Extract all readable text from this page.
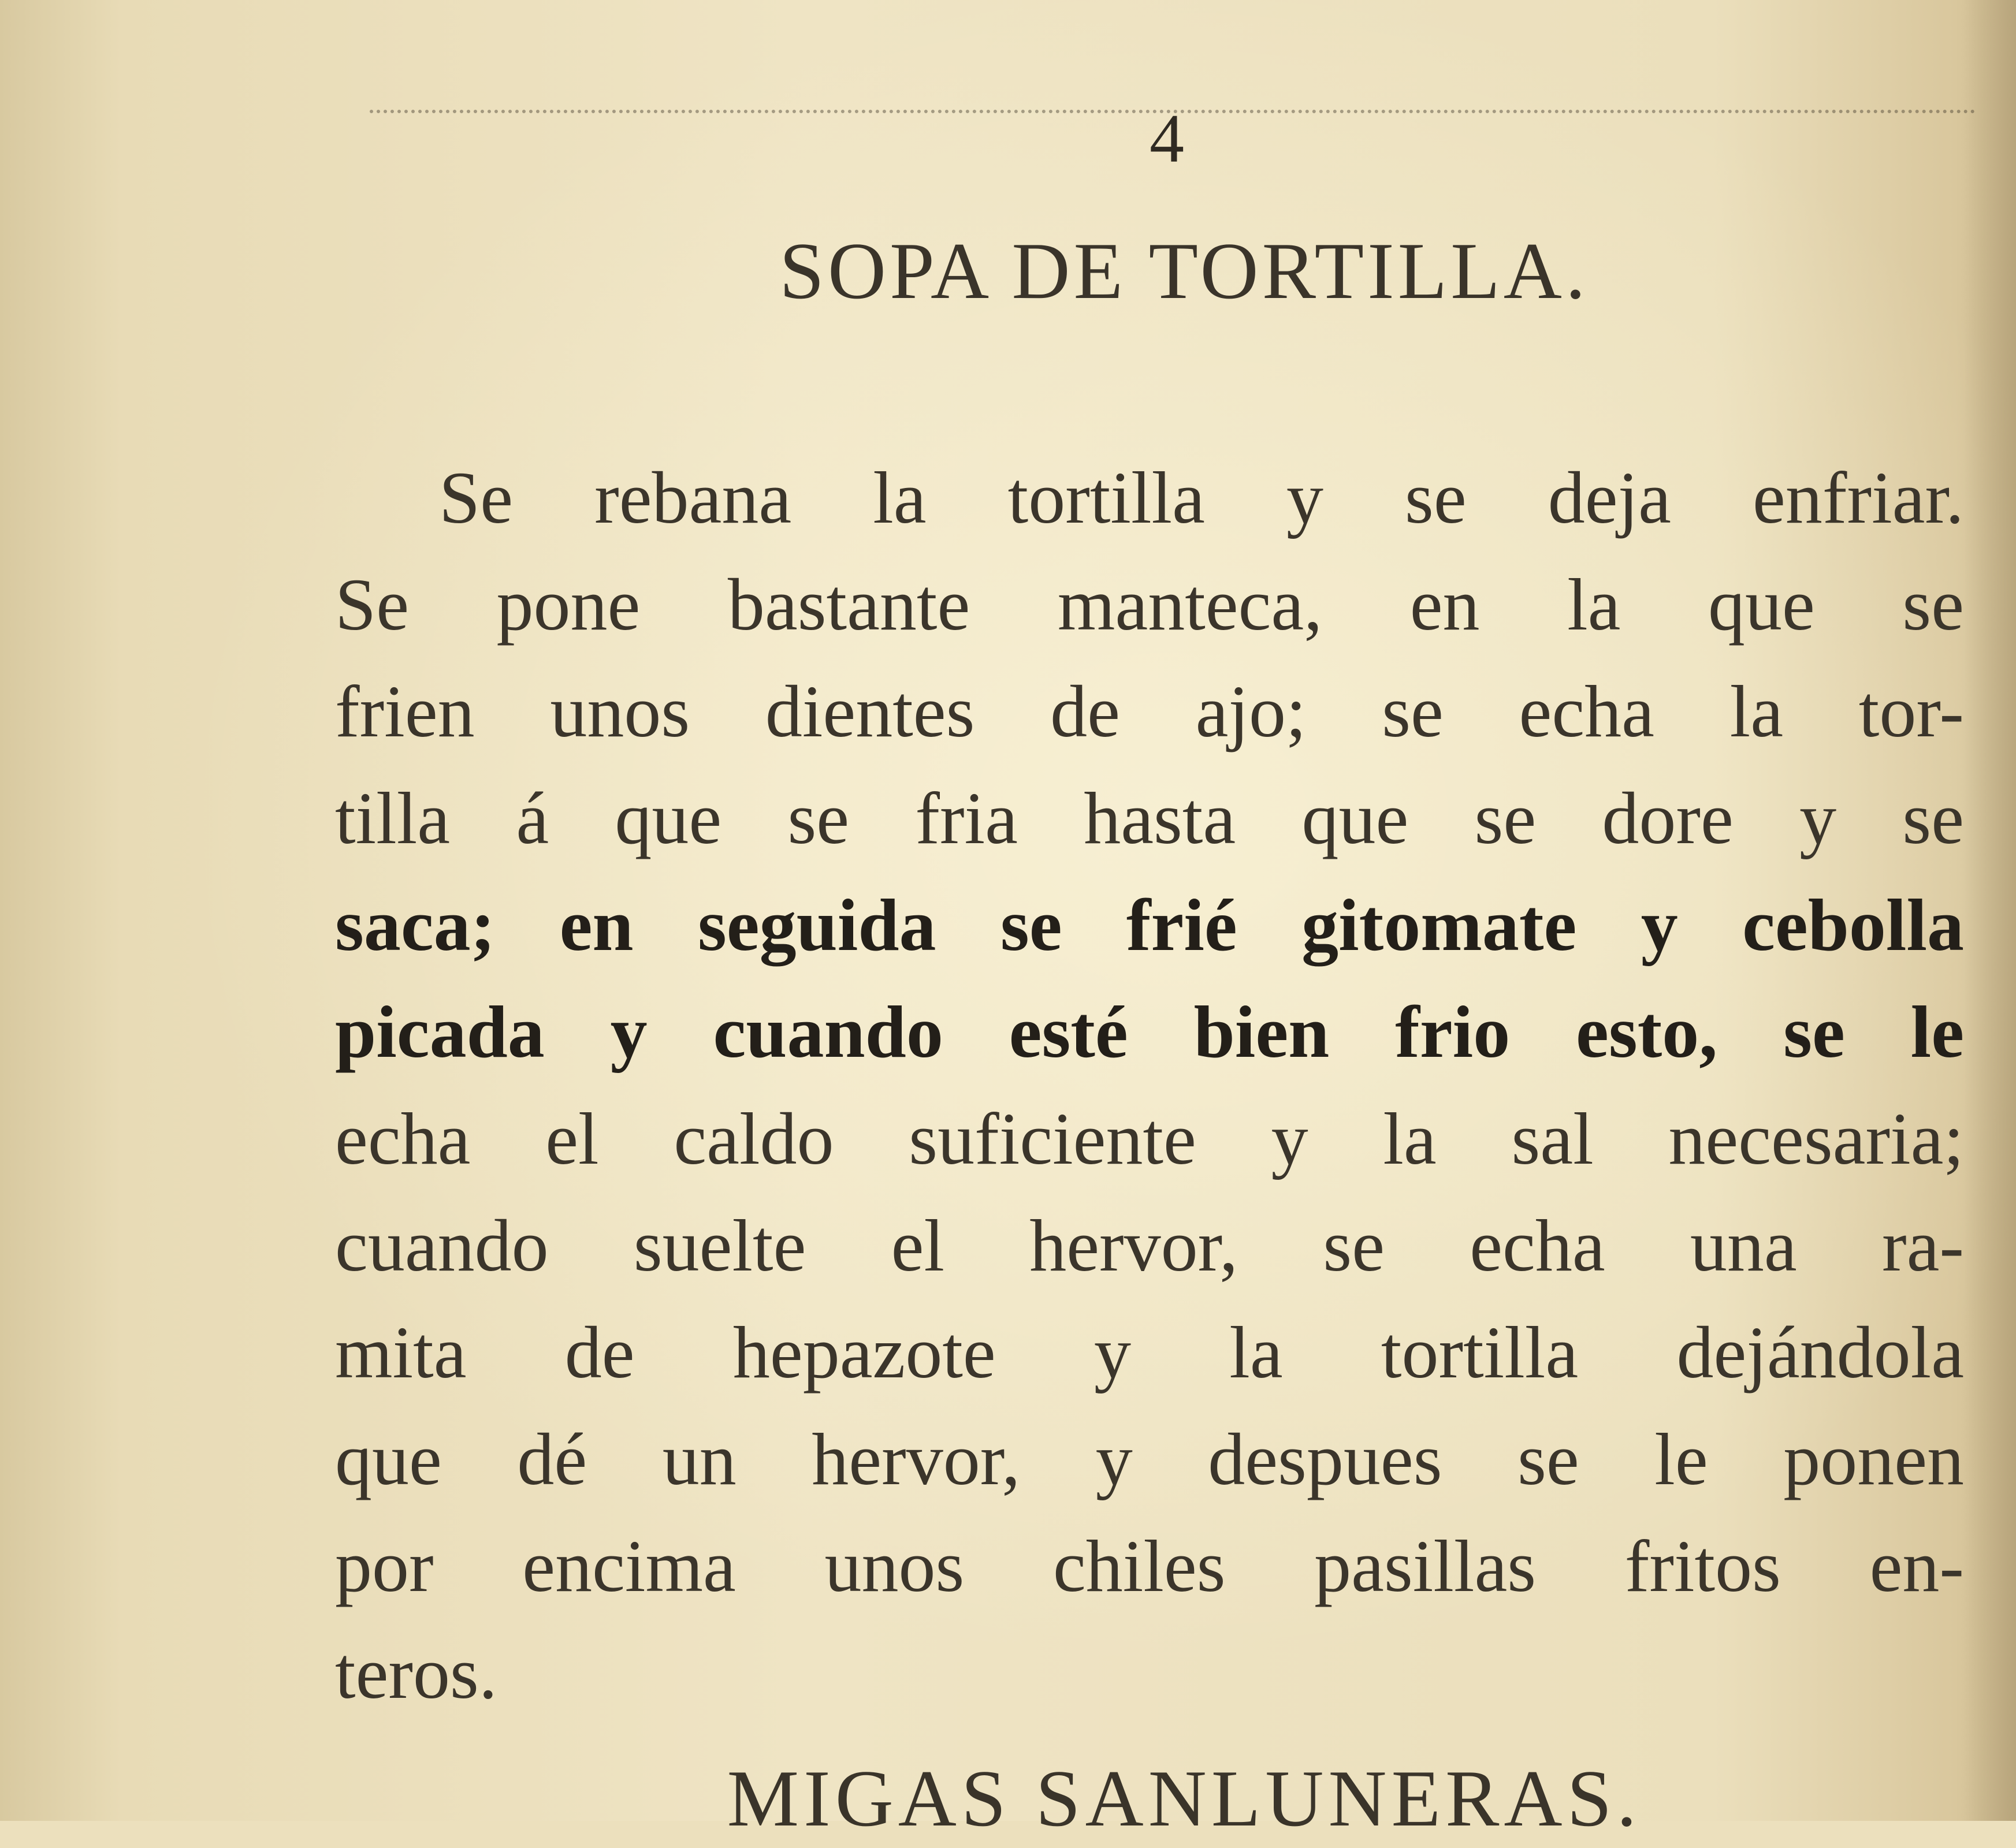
4
SOPA DE TORTILLA.
Se rebana la tortilla y se deja enfriar.
Se pone bastante manteca, en la que se
frien unos dientes de ajo; se echa la tor-
tilla á que se fria hasta que se dore y se
saca; en seguida se frié gitomate y cebolla
picada y cuando esté bien frio esto, se le
echa el caldo suficiente y la sal necesaria;
cuando suelte el hervor, se echa una ra-
mita de hepazote y la tortilla dejándola
que dé un hervor, y despues se le ponen
por encima unos chiles pasillas fritos en-
teros.
MIGAS SANLUNERAS.
